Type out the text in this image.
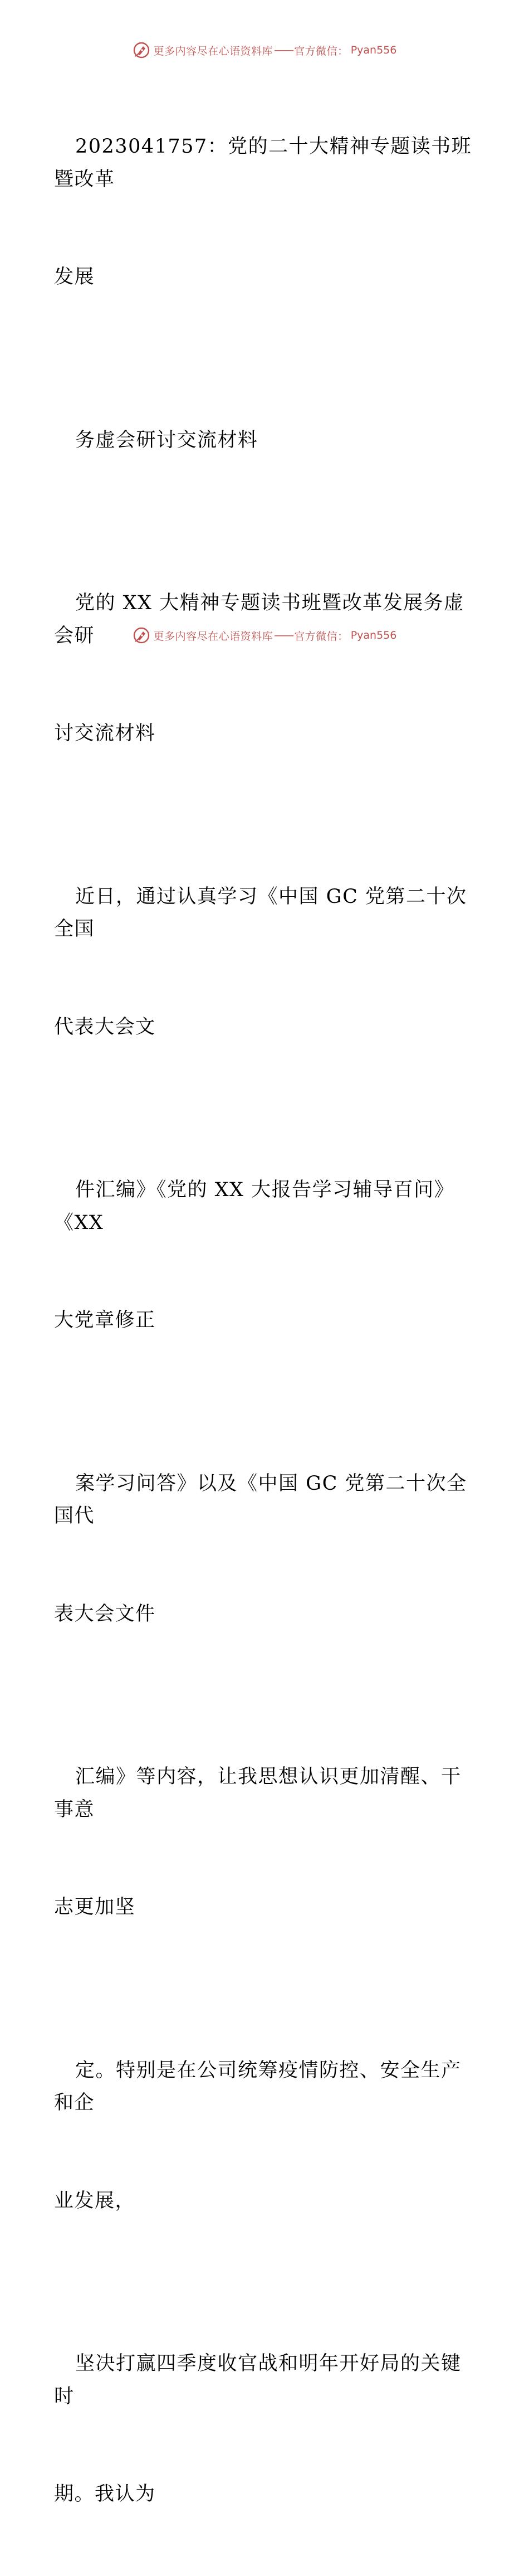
更多内容尽在心语资料库 —— 官方微信： Pyan556

2023041757：党的二十大精神专题读书班暨改革

发展

务虚会研讨交流材料

党的 XX 大精神专题读书班暨改革发展务虚会研

讨交流材料

近日，通过认真学习《中国 GC 党第二十次全国

代表大会文

件汇编》《党的 XX 大报告学习辅导百问》《XX

大党章修正

案学习问答》以及《中国 GC 党第二十次全国代

表大会文件

汇编》等内容，让我思想认识更加清醒、干事意

志更加坚

定。特别是在公司统筹疫情防控、安全生产和企

业发展，

坚决打赢四季度收官战和明年开好局的关键时

期。我认为

更多内容尽在心语资料库 —— 官方微信： Pyan556
